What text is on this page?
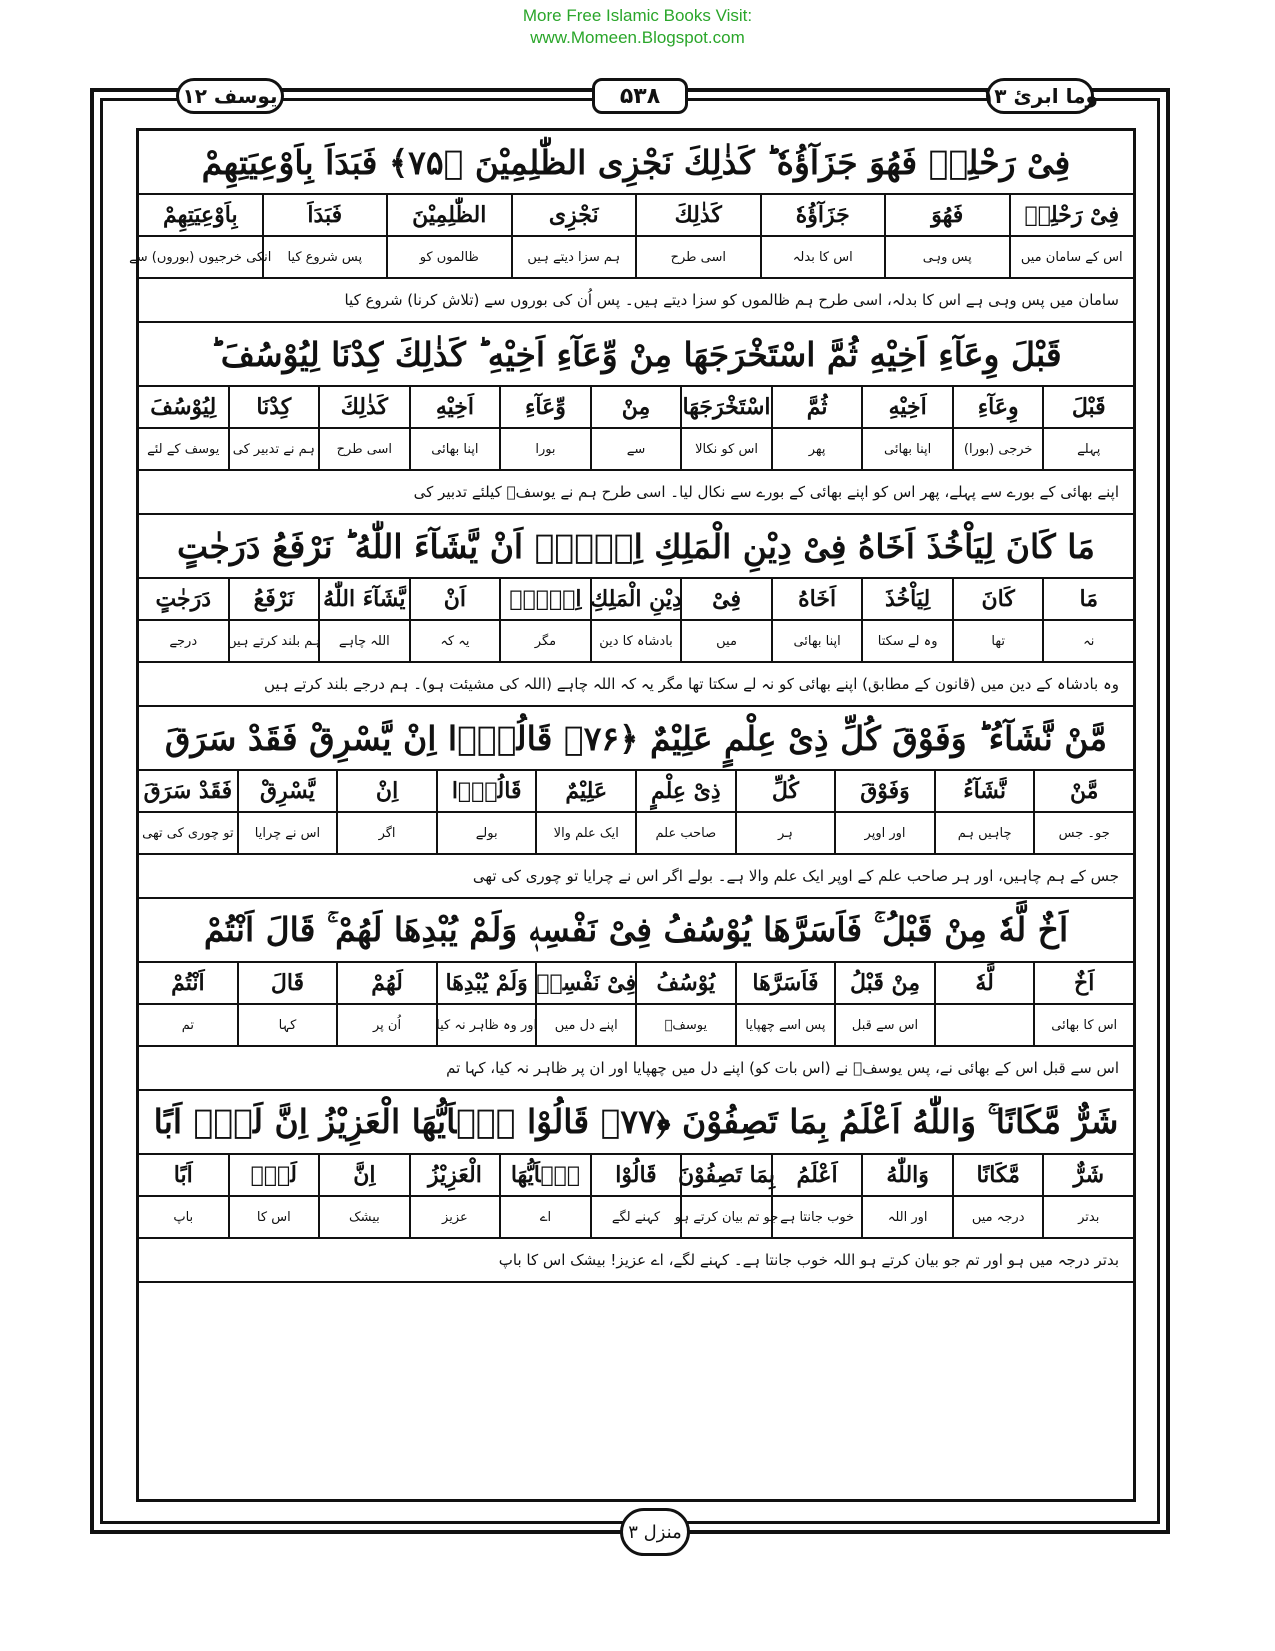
More Free Islamic Books Visit:
www.Momeen.Blogspot.com
یوسف ۱۲	۵۳۸	وما ابرئ ۱۳
فِىْ رَحْلِهٖ فَهُوَ جَزَآؤُهٗ ؕ كَذٰلِكَ نَجْزِى الظّٰلِمِيْنَ ﴿۷۵﴾ فَبَدَاَ بِاَوْعِيَتِهِمْ
فِىْ رَحْلِهٖ
فَهُوَ
جَزَآؤُهٗ
كَذٰلِكَ
نَجْزِى
الظّٰلِمِيْنَ
فَبَدَاَ
بِاَوْعِيَتِهِمْ
اس کے سامان میں
پس وہی
اس کا بدلہ
اسی طرح
ہم سزا دیتے ہیں
ظالموں کو
پس شروع کیا
انکی خرجیوں (بوروں) سے
سامان میں پس وہی ہے اس کا بدلہ، اسی طرح ہم ظالموں کو سزا دیتے ہیں۔ پس اُن کی بوروں سے (تلاش کرنا) شروع کیا
قَبْلَ وِعَآءِ اَخِيْهِ ثُمَّ اسْتَخْرَجَهَا مِنْ وِّعَآءِ اَخِيْهِ ؕ كَذٰلِكَ كِدْنَا لِيُوْسُفَ ؕ
قَبْلَ
وِعَآءِ
اَخِيْهِ
ثُمَّ
اسْتَخْرَجَهَا
مِنْ
وِّعَآءِ
اَخِيْهِ
كَذٰلِكَ
كِدْنَا
لِيُوْسُفَ
پہلے
خرجی (بورا)
اپنا بھائی
پھر
اس کو نکالا
سے
بورا
اپنا بھائی
اسی طرح
ہم نے تدبیر کی
یوسف کے لئے
اپنے بھائی کے بورے سے پہلے، پھر اس کو اپنے بھائی کے بورے سے نکال لیا۔ اسی طرح ہم نے یوسفؑ کیلئے تدبیر کی
مَا كَانَ لِيَاْخُذَ اَخَاهُ فِىْ دِيْنِ الْمَلِكِ اِلَّاۤ اَنْ يَّشَآءَ اللّٰهُ ؕ نَرْفَعُ دَرَجٰتٍ
مَا
كَانَ
لِيَاْخُذَ
اَخَاهُ
فِىْ
دِيْنِ الْمَلِكِ
اِلَّاۤ
اَنْ
يَّشَآءَ اللّٰهُ
نَرْفَعُ
دَرَجٰتٍ
نہ
تھا
وہ لے سکتا
اپنا بھائی
میں
بادشاہ کا دین
مگر
یہ کہ
اللہ چاہے
ہم بلند کرتے ہیں
درجے
وہ بادشاہ کے دین میں (قانون کے مطابق) اپنے بھائی کو نہ لے سکتا تھا مگر یہ کہ اللہ چاہے (اللہ کی مشیئت ہو)۔ ہم درجے بلند کرتے ہیں
مَّنْ نَّشَآءُ ؕ وَفَوْقَ كُلِّ ذِىْ عِلْمٍ عَلِيْمٌ ﴿۷۶﴾ قَالُوْۤا اِنْ يَّسْرِقْ فَقَدْ سَرَقَ
مَّنْ
نَّشَآءُ
وَفَوْقَ
كُلِّ
ذِىْ عِلْمٍ
عَلِيْمٌ
قَالُوْۤا
اِنْ
يَّسْرِقْ
فَقَدْ سَرَقَ
جو۔ جس
چاہیں ہم
اور اوپر
ہر
صاحب علم
ایک علم والا
بولے
اگر
اس نے چرایا
تو چوری کی تھی
جس کے ہم چاہیں، اور ہر صاحب علم کے اوپر ایک علم والا ہے۔ بولے اگر اس نے چرایا تو چوری کی تھی
اَخٌ لَّهٗ مِنْ قَبْلُ ۚ فَاَسَرَّهَا يُوْسُفُ فِىْ نَفْسِهٖ وَلَمْ يُبْدِهَا لَهُمْ ۚ قَالَ اَنْتُمْ
اَخٌ
لَّهٗ
مِنْ قَبْلُ
فَاَسَرَّهَا
يُوْسُفُ
فِىْ نَفْسِهٖ
وَلَمْ يُبْدِهَا
لَهُمْ
قَالَ
اَنْتُمْ
اس کا بھائی
اس سے قبل
پس اسے چھپایا
یوسفؑ
اپنے دل میں
اور وہ ظاہر نہ کیا
اُن پر
کہا
تم
اس سے قبل اس کے بھائی نے، پس یوسفؑ نے (اس بات کو) اپنے دل میں چھپایا اور ان پر ظاہر نہ کیا، کہا تم
شَرٌّ مَّكَانًا ۚ وَاللّٰهُ اَعْلَمُ بِمَا تَصِفُوْنَ ﴿۷۷﴾ قَالُوْا يٰۤاَيُّهَا الْعَزِيْزُ اِنَّ لَهٗۤ اَبًا
شَرٌّ
مَّكَانًا
وَاللّٰهُ
اَعْلَمُ
بِمَا تَصِفُوْنَ
قَالُوْا
يٰۤاَيُّهَا
الْعَزِيْزُ
اِنَّ
لَهٗۤ
اَبًا
بدتر
درجہ میں
اور اللہ
خوب جانتا ہے
جو تم بیان کرتے ہو
کہنے لگے
اے
عزیز
بیشک
اس کا
باپ
بدتر درجہ میں ہو اور تم جو بیان کرتے ہو اللہ خوب جانتا ہے۔ کہنے لگے، اے عزیز! بیشک اس کا باپ
منزل ۳
